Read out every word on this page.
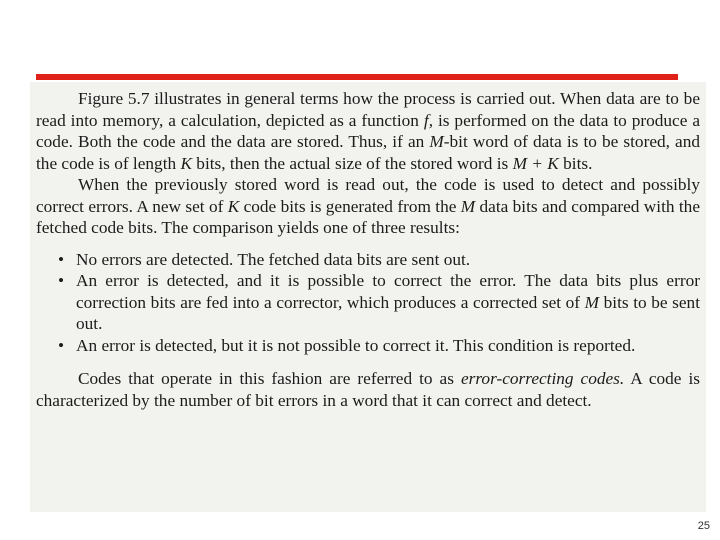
Figure 5.7 illustrates in general terms how the process is carried out. When data are to be read into memory, a calculation, depicted as a function f, is performed on the data to produce a code. Both the code and the data are stored. Thus, if an M-bit word of data is to be stored, and the code is of length K bits, then the actual size of the stored word is M + K bits.

When the previously stored word is read out, the code is used to detect and possibly correct errors. A new set of K code bits is generated from the M data bits and compared with the fetched code bits. The comparison yields one of three results:

• No errors are detected. The fetched data bits are sent out.
• An error is detected, and it is possible to correct the error. The data bits plus error correction bits are fed into a corrector, which produces a corrected set of M bits to be sent out.
• An error is detected, but it is not possible to correct it. This condition is reported.

Codes that operate in this fashion are referred to as error-correcting codes. A code is characterized by the number of bit errors in a word that it can correct and detect.

25
